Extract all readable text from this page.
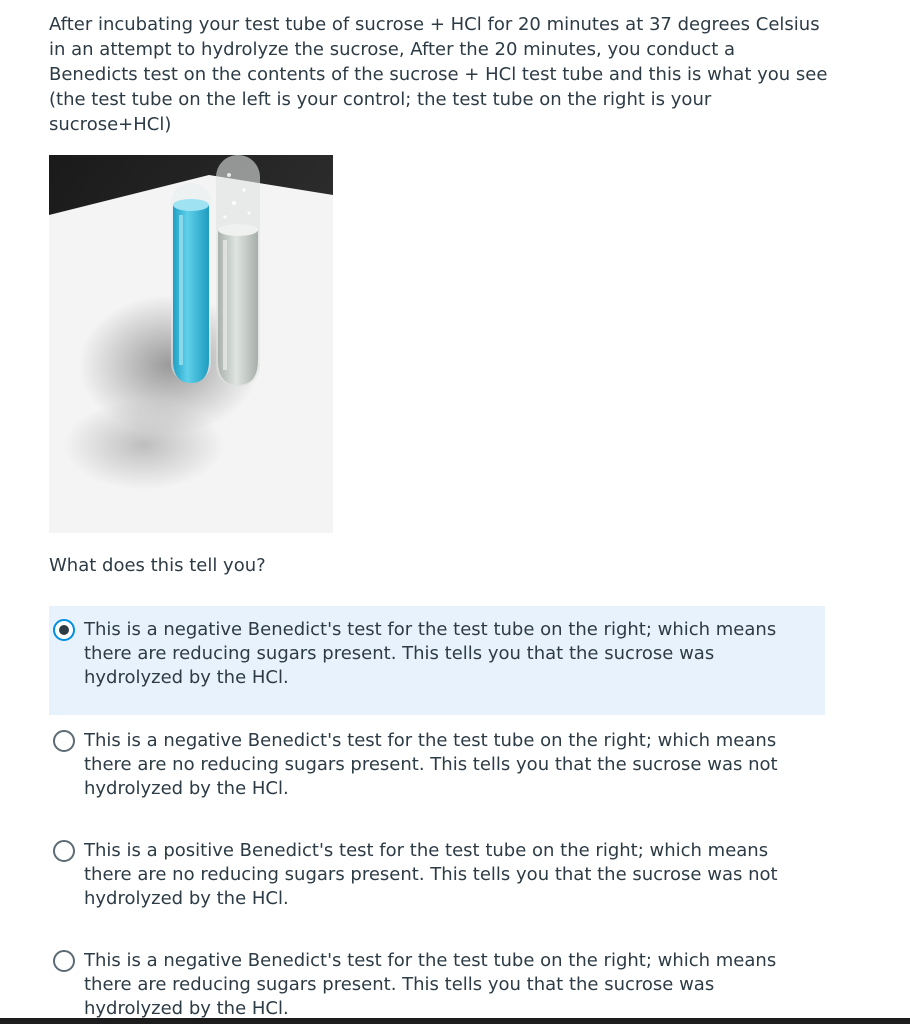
After incubating your test tube of sucrose + HCl for 20 minutes at 37 degrees Celsius in an attempt to hydrolyze the sucrose, After the 20 minutes, you conduct a Benedicts test on the contents of the sucrose + HCl test tube and this is what you see (the test tube on the left is your control; the test tube on the right is your sucrose+HCl)

What does this tell you?

This is a negative Benedict's test for the test tube on the right; which means there are reducing sugars present. This tells you that the sucrose was hydrolyzed by the HCl.
This is a negative Benedict's test for the test tube on the right; which means there are no reducing sugars present. This tells you that the sucrose was not hydrolyzed by the HCl.
This is a positive Benedict's test for the test tube on the right; which means there are no reducing sugars present. This tells you that the sucrose was not hydrolyzed by the HCl.
This is a negative Benedict's test for the test tube on the right; which means there are reducing sugars present. This tells you that the sucrose was hydrolyzed by the HCl.
